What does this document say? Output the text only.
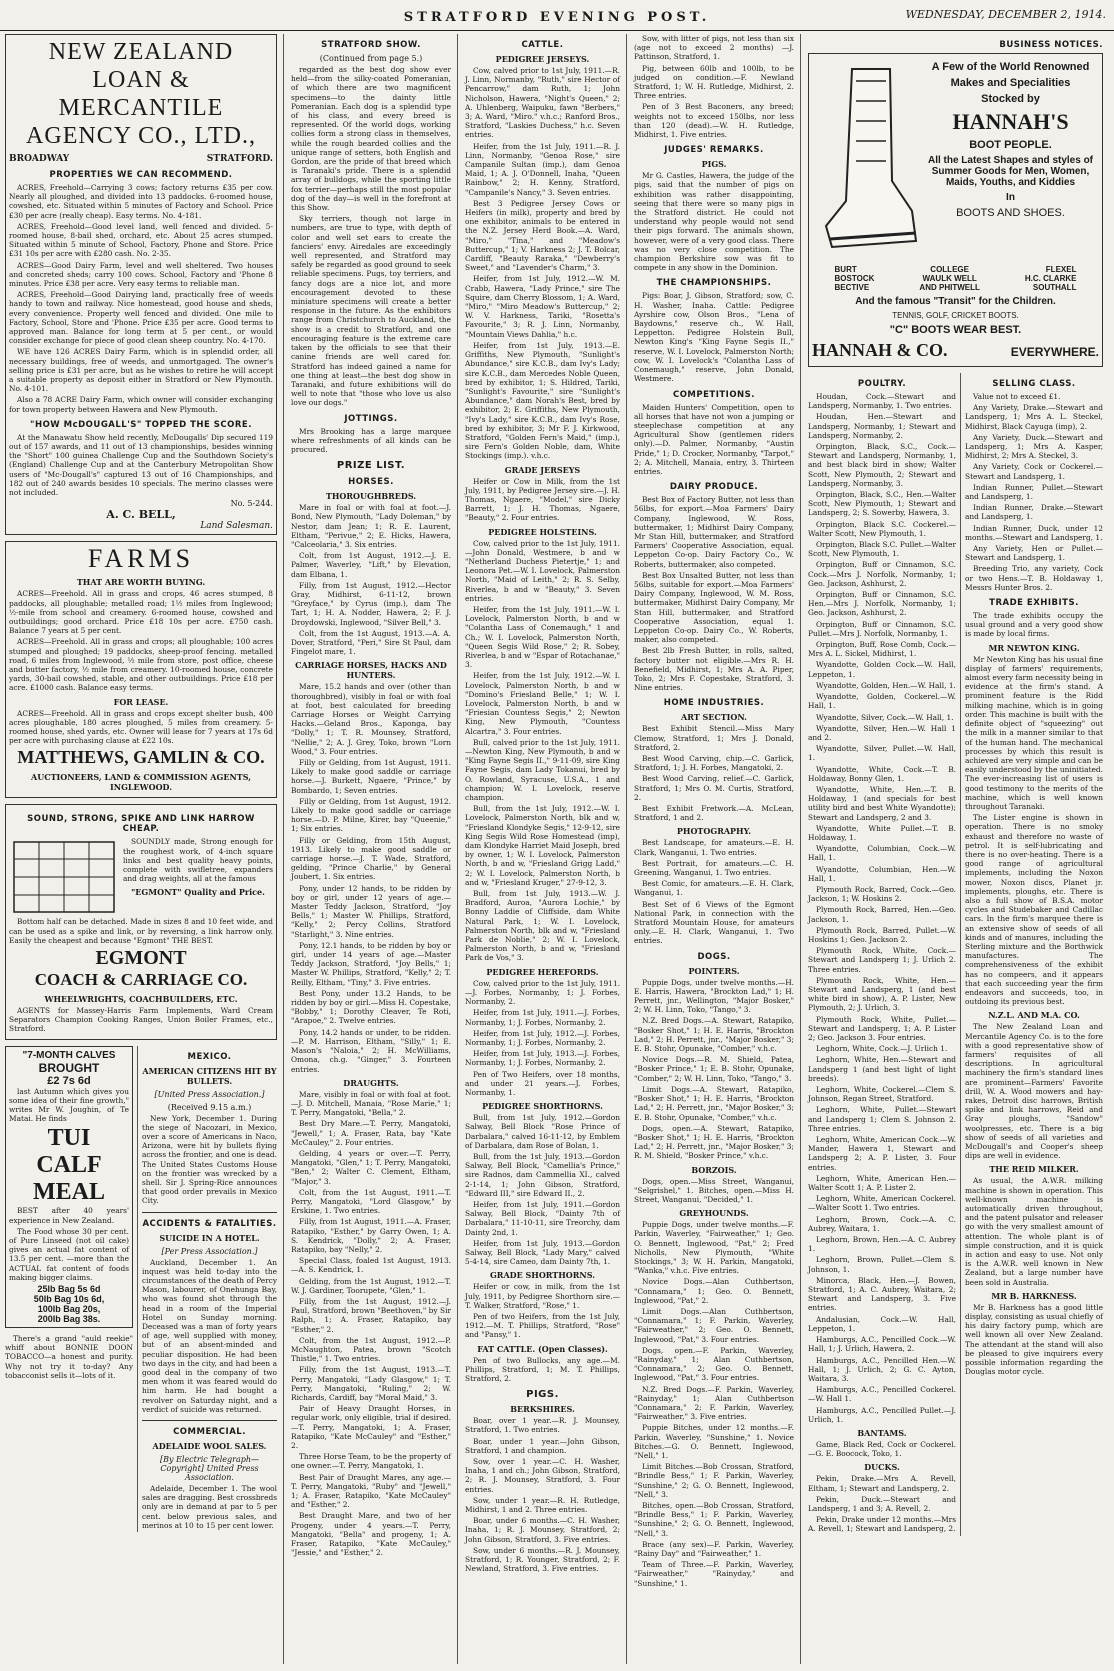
STRATFORD EVENING POST.	WEDNESDAY, DECEMBER 2, 1914.
NEW ZEALAND
LOAN & MERCANTILE
AGENCY CO., LTD.,
BROADWAY	STRATFORD.
PROPERTIES WE CAN RECOMMEND.

ACRES, Freehold—Carrying 3 cows; factory returns £35 per cow. Nearly all ploughed, and divided into 13 paddocks. 6-roomed house, cowshed, etc. Situated within 5 minutes of Factory and School. Price £30 per acre (really cheap). Easy terms. No. 4-181.

ACRES, Freehold—Good level land, well fenced and divided. 5-roomed house, 8-bail shed, orchard, etc. About 25 acres stumped. Situated within 5 minute of School, Factory, Phone and Store. Price £31 10s per acre with £280 cash. No. 2-35.

ACRES—Good Dairy Farm, level and well sheltered. Two houses and concreted sheds; carry 100 cows. School, Factory and 'Phone 8 minutes. Price £38 per acre. Very easy terms to reliable man.

ACRES, Freehold—Good Dairying land, practically free of weeds handy to town and railway. Nice homestead, good house and sheds, every convenience. Property well fenced and divided. One mile to Factory, School, Store and 'Phone. Price £35 per acre. Good terms to approved man. Balance for long term at 5 per cent., or would consider exchange for piece of good clean sheep country. No. 4-170.

WE have 126 ACRES Dairy Farm, which is in splendid order, all necessary buildings, free of weeds, and unmortgaged. The owner's selling price is £31 per acre, but as he wishes to retire he will accept a suitable property as deposit either in Stratford or New Plymouth. No. 4-101.

Also a 78 ACRE Dairy Farm, which owner will consider exchanging for town property between Hawera and New Plymouth.

"HOW McDOUGALL'S" TOPPED THE SCORE.

At the Manawatu Show held recently, McDougalls' Dip secured 119 out of 157 awards, and 11 out of 13 championships, besides winning the "Short" 100 guinea Challenge Cup and the Southdown Society's (England) Challenge Cup and at the Canterbury Metropolitan Show users of "Mc-Dougall's" captured 13 out of 16 Championships, and 182 out of 240 awards besides 10 specials. The merino classes were not included.

No. 5-244.
A. C. BELL,
Land Salesman.
FARMS
THAT ARE WORTH BUYING.

ACRES—Freehold. All in grass and crops, 46 acres stumped, 8 paddocks, all ploughable; metalled road; 1½ miles from Inglewood; ½-mile from school and creamery. 6-roomed house, cowshed and outbuildings; good orchard. Price £18 10s per acre. £750 cash. Balance 7 years at 5 per cent.

ACRES—Freehold. All in grass and crops; all ploughable; 100 acres stumped and ploughed; 19 paddocks, sheep-proof fencing. metalled road, 6 miles from Inglewood, ½ mile from store, post office, cheese and butter factory, ½ mile from creamery. 10-roomed house, concrete yards, 30-bail cowshed, stable, and other outbuildings. Price £18 per acre. £1000 cash. Balance easy terms.

FOR LEASE.

ACRES—Freehold. All in grass and crops except shelter bush, 400 acres ploughable, 180 acres ploughed, 5 miles from creamery. 5-roomed house, shed yards, etc. Owner will lease for 7 years at 17s 6d per acre with purchasing clause at £22 10s.

MATTHEWS, GAMLIN & CO.
AUCTIONEERS, LAND & COMMISSION AGENTS, INGLEWOOD.
SOUND, STRONG, SPIKE AND LINK HARROW CHEAP.

SOUNDLY made, Strong enough for the roughest work, of 4-inch square links and best quality heavy points, complete with swifletree, expanders and drag weights, all at the famous

"EGMONT" Quality and Price.

Bottom half can be detached. Made in sizes 8 and 10 feet wide, and can be used as a spike and link, or by reversing, a link harrow only. Easily the cheapest and because "Egmont" THE BEST.

EGMONT
COACH & CARRIAGE CO.
WHEELWRIGHTS, COACHBUILDERS, ETC.

AGENTS for Massey-Harris Farm Implements, Ward Cream Separators Champion Cooking Ranges, Union Boiler Frames, etc., Stratford.

"7-MONTH CALVES
BROUGHT
£2 7s 6d

last Autumn which gives you some idea of their fine growth," writes Mr W. Joughin, of Te Matai. He finds

TUI
CALF
MEAL

BEST after 40 years' experience in New Zealand.

The Food whose 30 per cent. of Pure Linseed (not oil cake) gives an actual fat content of 13.5 per cent. —more than the ACTUAL fat content of foods making bigger claims.

25lb Bag 5s 6d
50lb Bag 10s 6d,
100lb Bag 20s,
200lb Bag 38s.

There's a grand "auld reekie" whiff about BONNIE DOON TOBACCO—a honest and purity. Why not try it to-day? Any tobacconist sells it—lots of it.

MEXICO.
AMERICAN CITIZENS HIT BY BULLETS.
[United Press Association.]
(Received 9.15 a.m.)

New York, December 1. During the siege of Nacozari, in Mexico, over a score of Americans in Naco, Arizona, were hit by bullets flying across the frontier, and one is dead. The United States Customs House on the frontier was wrecked by a shell. Sir J. Spring-Rice announces that good order prevails in Mexico City.

ACCIDENTS & FATALITIES.
SUICIDE IN A HOTEL.
[Per Press Association.]

Auckland, December 1. An inquest was held to-day into the circumstances of the death of Percy Mason, labourer, of Onehunga Bay, who was found shot through the head in a room of the Imperial Hotel on Sunday morning. Deceased was a man of forty years of age, well supplied with money, but of an absent-minded and peculiar disposition. He had been two days in the city, and had been a good deal in the company of two men whom it was feared would do him harm. He had bought a revolver on Saturday night, and a verdict of suicide was returned.

COMMERCIAL.
ADELAIDE WOOL SALES.
[By Electric Telegraph—Copyright] United Press Association.

Adelaide, December 1. The wool sales are dragging. Best crossbreds only are in demand at par to 5 per cent. below previous sales, and merinos at 10 to 15 per cent lower.

STRATFORD SHOW.
(Continued from page 5.)

regarded as the best dog show ever held—from the silky-coated Pomeranian, of which there are two magnificent specimens—to the dainty little Pomeranian. Each dog is a splendid type of his class, and every breed is represented. Of the world dogs, working collies form a strong class in themselves, while the rough bearded collies and the unique range of setters, both English and Gordon, are the pride of that breed which is Taranaki's pride. There is a splendid array of bulldogs, while the sporting little fox terrier—perhaps still the most popular dog of the day—is well in the forefront at this Show.

Sky terriers, though not large in numbers, are true to type, with depth of color and well set ears to create the fanciers' envy. Airedales are exceedingly well represented, and Stratford may safely be regarded as good ground to seek reliable specimens. Pugs, toy terriers, and fancy dogs are a nice lot, and more encouragement devoted to these miniature specimens will create a better response in the future. As the exhibitors range from Christchurch to Auckland, the show is a credit to Stratford, and one encouraging feature is the extreme care taken by the officials to see that their canine friends are well cared for. Stratford has indeed gained a name for one thing at least—the best dog show in Taranaki, and future exhibitions will do well to note that "those who love us also love our dogs."

JOTTINGS.

Mrs Brooking has a large marquee where refreshments of all kinds can be procured.

PRIZE LIST.
HORSES.
THOROUGHBREDS.

Mare in foal or with foal at foot.—J. Bond, New Plymouth, "Lady Doleman," by Nestor, dam Jean; 1; R. E. Laurent, Eltham, "Perivue," 2; E. Hicks, Hawera, "Calceolaria," 3. Six entries.

Colt, from 1st August, 1912.—J. E. Palmer, Waverley, "Lift," by Elevation, dam Elbana, 1.

Filly, from 1st August, 1912.—Hector Gray, Midhirst, 6-11-12, brown "Greyface," by Cyrus (imp.), dam The Tart, 1; H. A. Nodder, Hawera, 2; F. J. Droydowski, Inglewood, "Silver Bell," 3.

Colt, from the 1st August, 1913.—A. A. Dover, Stratford, "Peri," Sire St Paul, dam Fingelot mare, 1.

CARRIAGE HORSES, HACKS AND HUNTERS.

Mare, 15.2 hands and over (other than thoroughbred), visibly in foal or with foal at foot, best calculated for breeding Carriage Horses or Weight Carrying Hacks.—Geland Bros., Kaponga, bay "Dolly," 1; T. R. Mounsey, Stratford, "Nellie," 2; A. J. Grey, Toko, brown "Lorn Wood," 3. Four entries.

Filly or Gelding, from 1st August, 1911. Likely to make good saddle or carriage horse.—J. Burkett, Ngaere, "Prince," by Bombardo, 1; Seven entries.

Filly or Gelding, from 1st August, 1912. Likely to make good saddle or carriage horse.—D. P. Milne, Kirer, bay "Queenie," 1; Six entries.

Filly or Gelding, from 15th August, 1913. Likely to make good saddle or carriage horse.—J. T. Wade, Stratford, gelding, "Prince Charlie," by General Joubert, 1. Six entries.

Pony, under 12 hands, to be ridden by boy or girl, under 12 years of age.—Master Teddy Jackson, Stratford, "Joy Bells," 1; Master W. Phillips, Stratford, "Kelly," 2; Percy Collins, Stratford "Starlight," 3. Nine entries.

Pony, 12.1 hands, to be ridden by boy or girl, under 14 years of age.—Master Teddy Jackson, Stratford, "Joy Bells," 1; Master W. Phillips, Stratford, "Kelly," 2; T. Reilly, Eltham, "Tiny," 3. Five entries.

Best Pony, under 13.2 Hands, to be ridden by boy or girl.—Miss H. Copestake, "Bobby," 1; Dorothy Cleaver, Te Roti, "Arapoe," 2. Twelve entries.

Pony, 14.2 hands or under, to be ridden.—P. M. Harrison, Eltham, "Silly," 1; E. Mason's "Naloia," 2; H. McWilliams, Omona, ch.g. "Ginger," 3. Fourteen entries.

DRAUGHTS.

Mare, visibly in foal or with foal at foot.—J. D. Mitchell, Manaia, "Rose Marie," 1; T. Perry, Mangatoki, "Bella," 2.

Best Dry Mare.—T. Perry, Mangatoki, "Jewell," 1; A. Fraser, Rata, bay "Kate McCauley," 2. Four entries.

Gelding, 4 years or over.—T. Perry, Mangatoki, "Glen," 1; T. Perry, Mangatoki, "Ben," 2; Walter C. Clement, Eltham, "Major," 3.

Colt, from the 1st August, 1911.—T. Perry, Mangatoki, "Lord Glasgow," by Erskine, 1. Two entries.

Filly, from 1st August, 1911.—A. Fraser, Ratapiko, "Esther," by Garry Owen, 1; A. S. Kendrick, "Dolly," 2; A. Fraser, Ratapiko, bay "Nelly," 2.

Special Class, foaled 1st August, 1913.—A. S. Kendrick, 1.

Gelding, from the 1st August, 1912.—T. W. J. Gardiner, Toorupete, "Glen," 1.

Filly, from the 1st August, 1912.—J. Paul, Stratford, brown "Beethoven," by Sir Ralph, 1; A. Fraser, Ratapiko, bay "Esther," 2.

Colt, from the 1st August, 1912.—P. McNaughton, Patea, brown "Scotch Thistle," 1. Two entries.

Filly, from the 1st August, 1913.—T. Perry, Mangatoki, "Lady Glasgow," 1; T. Perry, Mangatoki, "Ruling," 2; W. Richards, Cardiff, bay "Moral Maid," 3.

Pair of Heavy Draught Horses, in regular work, only eligible, trial if desired.—T. Perry, Mangatoki, 1; A. Fraser, Ratapiko, "Kate McCauley" and "Esther," 2.

Three Horse Team, to be the property of one owner.—T. Perry, Mangatoki, 1.

Best Pair of Draught Mares, any age.—T. Perry, Mangatoki, "Ruby" and "Jewell," 1; A. Fraser, Ratapiko, "Kate McCauley" and "Esther," 2.

Best Draught Mare, and two of her Progeny, under 4 years.—T. Perry, Mangatoki, "Bella" and progeny, 1; A. Fraser, Ratapiko, "Kate McCauley," "Jessie," and "Esther," 2.

CATTLE.
PEDIGREE JERSEYS.

Cow, calved prior to 1st July, 1911.—R. J. Linn, Normanby, "Ruth," sire Hector of Pencarrow," dam Ruth, 1; John Nicholson, Hawera, "Night's Queen," 2; A. Uhlenberg, Waipuku, fawn "Berbers," 3; A. Ward, "Miro." v.h.c.; Ranford Bros., Stratford, "Laskies Duchess," h.c. Seven entries.

Heifer, from the 1st July, 1911.—R. J. Linn, Normanby, "Genoa Rose," sire Campanile Sultan (imp.), dam Genoa Maid, 1; A. J. O'Donnell, Inaha, "Queen Rainbow," 2; H. Kenny, Stratford, "Campanile's Nancy," 3. Seven entries.

Best 3 Pedigree Jersey Cows or Heifers (in milk), property and bred by one exhibitor, animals to be entered in the N.Z. Jersey Herd Book.—A. Ward, "Miro," "Tina," and "Meadow's Buttercup," 1; V. Harkness 2; J. T. Bolcar, Cardiff, "Beauty Raraka," "Dewberry's Sweet," and "Lavender's Charm," 3.

Heifer, from 1st July, 1912.—W. M. Crabb, Hawera, "Lady Prince," sire The Squire, dam Cherry Blossom, 1; A. Ward, "Miro," "Miro Meadow's Buttercup," 2; W. V. Harkness, Tariki, "Rosetta's Favourite," 3; R. J. Linn, Normanby, "Mountain Views Dahlia," h.c.

Heifer, from 1st July, 1913.—E. Griffiths, New Plymouth, "Sunlight's Abundance," sire K.C.B., dam Ivy's Lady; sire K.C.B., dam Mercedes Noble Queen, bred by exhibitor, 1; S. Hildred, Tariki, "Sunlight's Favourite," sire "Sunlight's Abundance," dam Norah's Best, bred by exhibitor, 2; E. Griffiths, New Plymouth, "Ivy's Lady," sire K.C.B., dam Ivy's Rose, bred by exhibitor, 3; Mr F. J. Kirkwood, Stratford, "Golden Fern's Maid," (imp.), sire Fern's Golden Noble, dam, White Stockings (imp.). v.h.c.

GRADE JERSEYS

Heifer or Cow in Milk, from the 1st July, 1911, by Pedigree Jersey sire.—J. H. Thomas, Ngaere, "Model," sire Dicky Barrett, 1; J. H. Thomas, Ngaere, "Beauty," 2. Four entries.

PEDIGREE HOLSTEINS.

Cow, calved prior to the 1st July, 1911.—John Donald, Westmere, b and w "Netherland Duchess Pietertje," 1; and Leonora Pet.—W. I. Lovelock, Palmerston North, "Maid of Leith," 2; R. S. Selby, Riverlea, b and w "Beauty," 3. Seven entries.

Heifer, from the 1st July, 1911.—W. I. Lovelock, Palmerston North, b and w "Colantha Lass of Conemaugh," 1 and Ch.; W. I. Lovelock, Palmerston North, "Queen Segis Wild Rose," 2; R. Sobey, Riverlea, b and w "Espar of Rotachanae," 3.

Heifer, from the 1st July, 1912.—W. I. Lovelock, Palmerston North, b and w "Domino's Friesland Belle," 1; W. I. Lovelock, Palmerston North, b and w "Friesian Countess Segis," 2; Newton King, New Plymouth, "Countess Alcartra," 3. Four entries.

Bull, calved prior to the 1st July, 1911.—Newton King, New Plymouth, b and w "King Fayne Segis II.," 9-11-09, sire King Fayne Segis, dam Lady Tokanui, bred by O. Rowland, Syracuse, U.S.A., 1 and champion; W. I. Lovelock, reserve champion.

Bull, from the 1st July, 1912.—W. I. Lovelock, Palmerston North, blk and w, "Friesland Klondyke Segis," 12-9-12, sire King Segis Wild Rose Homestead (imp), dam Klondyke Harriet Maid Joseph, bred by owner, 1; W. I. Lovelock, Palmerston North, b and w, "Friesland Grigg Ladd," 2; W. I. Lovelock, Palmerston North, b and w, "Friesland Kruger," 27-9-12, 3.

Bull, from 1st July, 1913.—W. J. Bradford, Auroa, "Aurora Lochie," by Bonny Laddie of Cliffside, dam White Natural Park, 1; W. I. Lovelock, Palmerston North, blk and w, "Friesland Park de Noblie," 2; W. I. Lovelock, Palmerston North, b and w, "Friesland Park de Vos," 3.

PEDIGREE HEREFORDS.

Cow, calved prior to the 1st July, 1911.—J. Forbes, Normanby, 1; J. Forbes, Normanby, 2.

Heifer, from 1st July, 1911.—J. Forbes, Normanby, 1; J. Forbes, Normanby, 2.

Heifer, from 1st July, 1912.—J. Forbes, Normanby, 1; J. Forbes, Normanby, 2.

Heifer, from 1st July, 1913.—J. Forbes, Normanby, 1; J. Forbes, Normanby, 2.

Pen of Two Heifers, over 18 months, and under 21 years.—J. Forbes, Normanby, 1.

PEDIGREE SHORTHORNS.

Bull, from 1st July, 1912.—Gordon Salway, Bell Block "Rose Prince of Darbalara," calved 16-11-12, by Emblem of Darbalara, dam Rose of Bolan, 1.

Bull, from the 1st July, 1913.—Gordon Salway, Bell Block, "Camellia's Prince," sire Radnos, dam Cammellia XI., calved 2-1-14, 1; John Gibson, Stratford, "Edward III," sire Edward II., 2.

Heifer, from 1st July, 1911.—Gordon Salway, Bell Block, "Dainty 7th of Darbalara," 11-10-11, sire Treorchy, dam Dainty 2nd, 1.

Heifer, from 1st July, 1913.—Gordon Salway, Bell Block, "Lady Mary," calved 5-4-14, sire Cameo, dam Dainty 7th, 1.

GRADE SHORTHORNS.

Heifer or cow, in milk, from the 1st July, 1911, by Pedigree Shorthorn sire.—T. Walker, Stratford, "Rose," 1.

Pen of two Heifers, from the 1st July, 1912.—M. T. Phillips, Stratford, "Rose" and "Pansy," 1.

FAT CATTLE. (Open Classes).

Pen of two Bullocks, any age.—M. Phillips, Stratford, 1; M. T. Phillips, Stratford, 2.

PIGS.
BERKSHIRES.

Boar, over 1 year.—R. J. Mounsey, Stratford, 1. Two entries.

Boar, under 1 year.—John Gibson, Stratford, 1 and champion.

Sow, over 1 year.—C. H. Washer, Inaha, 1 and ch.; John Gibson, Stratford, 2; R. J. Mounsey, Stratford, 3. Four entries.

Sow, under 1 year.—R. H. Rutledge, Midhirst, 1 and 2. Three entries.

Boar, under 6 months.—C. H. Washer, Inaha, 1; R. J. Mounsey, Stratford, 2; John Gibson, Stratford, 3. Five entries.

Sow, under 6 months.—R. J. Mounsey, Stratford, 1; R. Younger, Stratford, 2; F. Newland, Stratford, 3. Five entries.

Sow, with litter of pigs, not less than six (age not to exceed 2 months) —J. Pattinson, Stratford, 1.

Pig, between 60lb and 100lb, to be judged on condition.—F. Newland Stratford, 1; W. H. Rutledge, Midhirst, 2. Three entries.

Pen of 3 Best Baconers, any breed; weights not to exceed 150lbs, nor less than 120 (dead).—W. H. Rutledge, Midhirst, 1. Five entries.

JUDGES' REMARKS.
PIGS.

Mr G. Castles, Hawera, the judge of the pigs, said that the number of pigs on exhibition was rather disappointing, seeing that there were so many pigs in the Stratford district. He could not understand why people would not send their pigs forward. The animals shown, however, were of a very good class. There was no very close competition. The champion Berkshire sow was fit to compete in any show in the Dominion.

THE CHAMPIONSHIPS.

Pigs: Boar, J. Gibson, Stratford; sow, C. H. Washer, Inaha. Cattle: Pedigree Ayrshire cow, Olson Bros., "Lena of Baydowns," reserve ch., W. Hall, Leppetton. Pedigree Holstein Bull, Newton King's "King Fayne Segis II.," reserve, W. I. Lovelock, Palmerston North; cow, W. I. Lovelock's "Colantha Lass of Conemaugh," reserve, John Donald, Westmere.

COMPETITIONS.

Maiden Hunters' Competition, open to all horses that have not won a jumping or steeplechase competition at any Agricultural Show (gentlemen riders only).—D. Palmer, Normanby, "Austin Pride," 1; D. Crocker, Normanby, "Tarpot," 2; A. Mitchell, Manaia, entry, 3. Thirteen entries.

DAIRY PRODUCE.

Best Box of Factory Butter, not less than 56lbs, for export.—Moa Farmers' Dairy Company, Inglewood, W. Ross, buttermaker, 1; Midhirst Dairy Company, Mr Stan Hill, buttermaker, and Stratford Farmers' Cooperative Association, equal. Leppeton Co-op. Dairy Factory Co., W. Roberts, buttermaker, also competed.

Best Box Unsalted Butter, not less than 56lbs, suitable for export.—Moa Farmers' Dairy Company, Inglewood, W. M. Ross, buttermaker, Midhirst Dairy Company, Mr Stan Hill, buttermaker, and Stratford Cooperative Association, equal 1. Leppeton Co-op. Dairy Co., W. Roberts, maker, also competed.

Best 2lb Fresh Butter, in rolls, salted, factory butter not eligible.—Mrs R. H. Benefield, Midhirst, 1; Mrs A. A. Piper, Toko, 2; Mrs F. Copestake, Stratford, 3. Nine entries.

HOME INDUSTRIES.
ART SECTION.

Best Exhibit Stencil.—Miss Mary Clemow, Stratford, 1; Mrs J. Donald, Stratford, 2.

Best Wood Carving, chip.—C. Garlick, Stratford, 1; J. H. Forbes, Mangatoki, 2.

Best Wood Carving, relief.—C. Garlick, Stratford, 1; Mrs O. M. Curtis, Stratford, 2.

Best Exhibit Fretwork.—A. McLean, Stratford, 1 and 2.

PHOTOGRAPHY.

Best Landscape, for amateurs.—E. H. Clark, Wanganui, 1. Two entries.

Best Portrait, for amateurs.—C. H. Greening, Wanganui, 1. Two entries.

Best Comic, for amateurs.—E. H. Clark, Wanganui, 1.

Best Set of 6 Views of the Egmont National Park, in connection with the Stratford Mountain House, for amateurs only.—E. H. Clark, Wanganui, 1. Two entries.

DOGS.
POINTERS.

Puppie Dogs, under twelve months.—H. E. Harris, Hawera, "Brockton Lad," 1; H. Perrett, jnr., Wellington, "Major Bosker," 2; W. H. Linn, Toko, "Tango," 3.

N.Z. Bred Dogs.—A. Stewart, Ratapiko, "Bosker Shot," 1; H. E. Harris, "Brockton Lad," 2; H. Perrett, jnr., "Major Bosker," 3; E. B. Stohr, Opunake, "Comber," v.h.c.

Novice Dogs.—R. M. Shield, Patea, "Bosker Prince," 1; E. B. Stohr, Opunake, "Comber," 2; W. H. Linn, Toko, "Tango," 3.

Limit Dogs.—A. Stewart, Ratapiko, "Bosker Shot," 1; H. E. Harris, "Brockton Lad," 2; H. Perrett, jnr., "Major Bosker," 3; E. B. Stohr, Opunake, "Comber," v.h.c.

Dogs, open.—A. Stewart, Ratapiko, "Bosker Shot," 1; H. E. Harris, "Brockton Lad," 2; H. Perrett, jnr., "Major Bosker," 3; R. M. Shield, "Bosker Prince," v.h.c.

BORZOIS.

Dogs, open.—Miss Street, Wanganui, "Selgrishel," 1. Bitches, open.—Miss H. Street, Wanganui, "Decided," 1.

GREYHOUNDS.

Puppie Dogs, under twelve months.—F. Parkin, Waverley, "Fairweather," 1; Geo. O. Bennett, Inglewood, "Pat," 2; Fred Nicholls, New Plymouth, "White Stockings," 3; W. H. Parkin, Mangatoki, "Wanka," v.h.c. Five entries.

Novice Dogs.—Alan Cuthbertson, "Connamara," 1; Geo. O. Bennett, Inglewood, "Pat," 2.

Limit Dogs.—Alan Cuthbertson, "Connamara," 1; F. Parkin, Waverley, "Fairweather," 2; Geo. O. Bennett, Inglewood, "Pat," 3. Four entries.

Dogs, open.—F. Parkin, Waverley, "Rainyday," 1; Alan Cuthbertson, "Connamara," 2; Geo. O. Bennett, Inglewood, "Pat," 3. Four entries.

N.Z. Bred Dogs.—F. Parkin, Waverley, "Rainyday," 1; Alan Cuthbertson "Connamara," 2; F. Parkin, Waverley, "Fairweather," 3. Five entries.

Puppie Bitches, under 12 months.—F. Parkin, Waverley, "Sunshine," 1. Novice Bitches.—G. O. Bennett, Inglewood, "Nell," 1.

Limit Bitches.—Bob Crossan, Stratford, "Brindle Bess," 1; F. Parkin, Waverley, "Sunshine," 2; G. O. Bennett, Inglewood, "Nell," 3.

Bitches, open.—Bob Crossan, Stratford, "Brindle Bess," 1; F. Parkin, Waverley, "Sunshine," 2; G. O. Bennett, Inglewood, "Nell," 3.

Brace (any sex)—F. Parkin, Waverley, "Rainy Day" and "Fairweather," 1.

Team of Three.—F. Parkin, Waverley, "Fairweather," "Rainyday," and "Sunshine," 1.

BUSINESS NOTICES.
A Few of the World Renowned
Makes and Specialities
Stocked by
HANNAH'S
BOOT PEOPLE.
All the Latest Shapes and styles of Summer Goods for Men, Women, Maids, Youths, and Kiddies
In
BOOTS AND SHOES.
BURT
BOSTOCK
BECTIVE
COLLEGE
WAULK WELL
AND PHITWELL
FLEXEL
H.C. CLARKE
SOUTHALL
And the famous "Transit" for the Children.
TENNIS, GOLF, CRICKET BOOTS.
"C" BOOTS WEAR BEST.
HANNAH & CO.	EVERYWHERE.
POULTRY.

Houdan, Cock.—Stewart and Landsperg, Normanby, 1. Two entries.

Houdan, Hen.—Stewart and Landsperg, Normanby, 1; Stewart and Landsperg, Normanby, 2.

Orpington, Black, S.C., Cock.—Stewart and Landsperg, Normanby, 1, and best black bird in show; Walter Scott, New Plymouth, 2; Stewart and Landsperg, Normanby, 3.

Orpington, Black, S.C., Hen.—Walter Scott, New Plymouth, 1; Stewart and Landsperg, 2; S. Sowerby, Hawera, 3.

Orpington, Black S.C. Cockerel.—Walter Scott, New Plymouth, 1.

Orpington, Black S.C. Pullet.—Walter Scott, New Plymouth, 1.

Orpington, Buff or Cinnamon, S.C. Cock.—Mrs J. Norfolk, Normanby, 1; Geo. Jackson, Ashhurst, 2.

Orpington, Buff or Cinnamon, S.C. Hen.—Mrs J. Norfolk, Normanby, 1; Geo. Jackson, Ashhurst, 2.

Orpington, Buff or Cinnamon, S.C. Pullet.—Mrs J. Norfolk, Normanby, 1.

Orpington, Buff, Rose Comb, Cock.—Mrs A. L. Sickel, Midhirst, 1.

Wyandotte, Golden Cock.—W. Hall, Leppeton, 1.

Wyandotte, Golden, Hen.—W. Hall, 1.

Wyandotte, Golden, Cockerel.—W. Hall, 1.

Wyandotte, Silver, Cock.—W. Hall, 1.

Wyandotte, Silver, Hen.—W. Hall 1 and 2.

Wyandotte, Silver, Pullet.—W. Hall, 1.

Wyandotte, White, Cock.—T. B. Holdaway, Bonny Glen, 1.

Wyandotte, White, Hen.—T. B. Holdaway, 1 (and specials for best utility bird and best White Wyandotte); Stewart and Landsperg, 2 and 3.

Wyandotte, White Pullet.—T. B. Holdaway, 1.

Wyandotte, Columbian, Cock.—W. Hall, 1.

Wyandotte, Columbian, Hen.—W. Hall, 1.

Plymouth Rock, Barred, Cock.—Geo. Jackson, 1; W. Hoskins 2.

Plymouth Rock, Barred, Hen.—Geo. Jackson, 1.

Plymouth Rock, Barred, Pullet.—W. Hoskins 1; Geo. Jackson 2.

Plymouth Rock, White, Cock.—Stewart and Landsperg 1; J. Urlich 2. Three entries.

Plymouth Rock, White, Hen.—Stewart and Landsperg, 1 (and best white bird in show), A. P. Lister, New Plymouth, 2; J. Urlich, 3.

Plymouth Rock, White, Pullet.—Stewart and Landsperg, 1; A. P. Lister 2; Geo. Jackson 3. Four entries.

Leghorn, White, Cock.—J. Urlich 1.

Leghorn, White, Hen.—Stewart and Landsperg 1 (and best light of light breeds).

Leghorn, White, Cockerel.—Clem S. Johnson, Regan Street, Stratford.

Leghorn, White, Pullet.—Stewart and Landsperg 1; Clem S. Johnson 2. Three entries.

Leghorn, White, American Cock.—W. Mander, Hawera 1, Stewart and Landsperg 2; A. P. Lister, 3. Four entries.

Leghorn, White, American Hen.—Walter Scott 1; A. P. Lister 2.

Leghorn, White, American Cockerel.—Walter Scott 1. Two entries.

Leghorn, Brown, Cock.—A. C. Aubrey, Waitara, 1.

Leghorn, Brown, Hen.—A. C. Aubrey 1.

Leghorn, Brown, Pullet.—Clem S. Johnson, 1.

Minorca, Black, Hen.—J. Bowen, Stratford, 1; A. C. Aubrey, Waitara, 2; Stewart and Landsperg, 3. Five entries.

Andalusian, Cock.—W. Hall, Leppeton, 1.

Hamburgs, A.C., Pencilled Cock.—W. Hall, 1; J. Urlich, Hawera, 2.

Hamburgs, A.C., Pencilled Hen.—W. Hall, 1; J. Urlich, 2; G. C. Ayton, Waitara, 3.

Hamburgs, A.C., Pencilled Cockerel.—W. Hall 1.

Hamburgs, A.C., Pencilled Pullet.—J. Urlich, 1.

BANTAMS.

Game, Black Red, Cock or Cockerel.—G. E. Boocock, Toko, 1.

DUCKS.

Pekin, Drake.—Mrs A. Revell, Eltham, 1; Stewart and Landsperg, 2.

Pekin, Duck.—Stewart and Landsperg, 1 and 3; A. Revell, 2.

Pekin, Drake under 12 months.—Mrs A. Revell, 1; Stewart and Landsperg, 2.

SELLING CLASS.

Value not to exceed £1.

Any Variety, Drake.—Stewart and Landsperg, 1; Mrs A. L. Steckel, Midhirst, Black Cayuga (imp), 2.

Any Variety, Duck.—Stewart and Landsperg, 1; Mrs A. Kasper, Midhirst, 2; Mrs A. Steckel, 3.

Any Variety, Cock or Cockerel.—Stewart and Landsperg, 1.

Indian Runner, Pullet.—Stewart and Landsperg, 1.

Indian Runner, Drake.—Stewart and Landsperg, 1.

Indian Runner, Duck, under 12 months.—Stewart and Landsperg, 1.

Any Variety, Hen or Pullet.—Stewart and Landsperg, 1.

Breeding Trio, any variety, Cock or two Hens.—T. B. Holdaway 1, Messrs Hunter Bros. 2.

TRADE EXHIBITS.

The trade exhibits occupy the usual ground and a very good show is made by local firms.

MR NEWTON KING.

Mr Newton King has his usual fine display of farmers' requirements, almost every farm necessity being in evidence at the firm's stand. A prominent feature is the Ridd milking machine, which is in going order. This machine is built with the definite object of "squeezing" out the milk in a manner similar to that of the human hand. The mechanical processes by which this result is achieved are very simple and can be easily understood by the uninitiated. The ever-increasing list of users is good testimony to the merits of the machine, which is well known throughout Taranaki.

The Lister engine is shown in operation. There is no smoky exhaust and therefore no waste of petrol. It is self-lubricating and there is no over-heating. There is a good range of agricultural implements, including the Noxon mower, Noxon discs, Planet jr. implements, ploughs, etc. There is also a full show of B.S.A. motor cycles and Studebaker and Cadillac cars. In the firm's marquee there is an extensive show of seeds of all kinds and of manures, including the Sterling mixture and the Borthwick manufactures. The comprehensiveness of the exhibit has no compeers, and it appears that each succeeding year the firm endeavors and succeeds, too, in outdoing its previous best.

N.Z.L. AND M.A. CO.

The New Zealand Loan and Mercantile Agency Co. is to the fore with a good representative show of farmers' requisites of all descriptions. In agricultural machinery the firm's standard lines are prominent—Farmers' Favorite drill, W. A. Wood mowers and hay-rakes, Detroit disc harrows, British spike and link harrows, Reid and Gray ploughs, "Sandow" woolpresses, etc. There is a big show of seeds of all varieties and McDougall's and Cooper's sheep dips are well in evidence.

THE REID MILKER.

As usual, the A.W.R. milking machine is shown in operation. This well-known machine is automatically driven throughout, and the patent pulsator and releaser go with the very smallest amount of attention. The whole plant is of simple construction, and it is quick in action and easy to use. Not only is the A.W.R. well known in New Zealand, but a large number have been sold in Australia.

MR B. HARKNESS.

Mr B. Harkness has a good little display, consisting as usual chiefly of his dairy factory pump, which are well known all over New Zealand. The attendant at the stand will also be pleased to give inquirers every possible information regarding the Douglas motor cycle.
